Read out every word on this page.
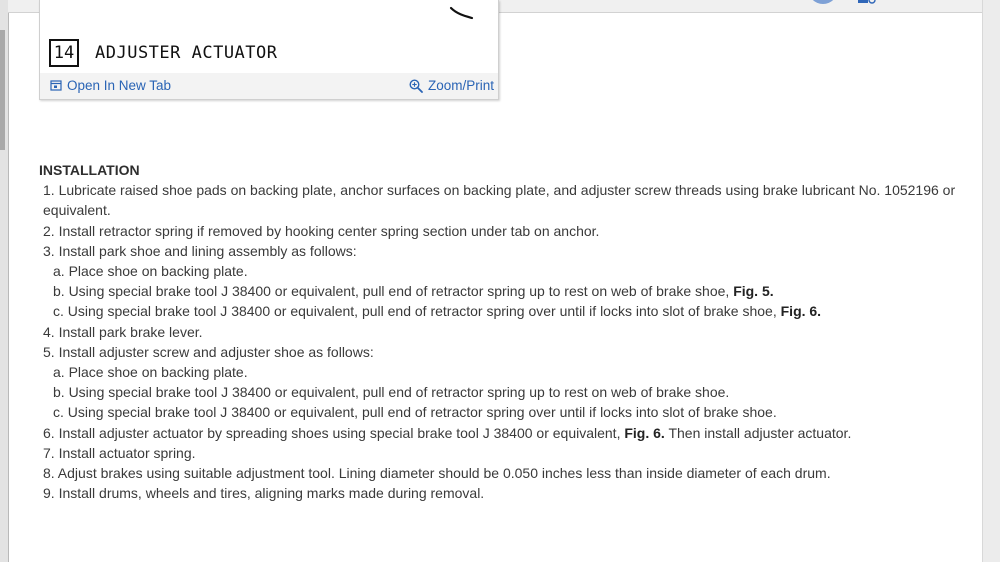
14 ADJUSTER ACTUATOR
Open In New Tab	Zoom/Print

INSTALLATION

1. Lubricate raised shoe pads on backing plate, anchor surfaces on backing plate, and adjuster screw threads using brake lubricant No. 1052196 or equivalent.

2. Install retractor spring if removed by hooking center spring section under tab on anchor.

3. Install park shoe and lining assembly as follows:

a. Place shoe on backing plate.

b. Using special brake tool J 38400 or equivalent, pull end of retractor spring up to rest on web of brake shoe, Fig. 5.

c. Using special brake tool J 38400 or equivalent, pull end of retractor spring over until if locks into slot of brake shoe, Fig. 6.

4. Install park brake lever.

5. Install adjuster screw and adjuster shoe as follows:

a. Place shoe on backing plate.

b. Using special brake tool J 38400 or equivalent, pull end of retractor spring up to rest on web of brake shoe.

c. Using special brake tool J 38400 or equivalent, pull end of retractor spring over until if locks into slot of brake shoe.

6. Install adjuster actuator by spreading shoes using special brake tool J 38400 or equivalent, Fig. 6. Then install adjuster actuator.

7. Install actuator spring.

8. Adjust brakes using suitable adjustment tool. Lining diameter should be 0.050 inches less than inside diameter of each drum.

9. Install drums, wheels and tires, aligning marks made during removal.
